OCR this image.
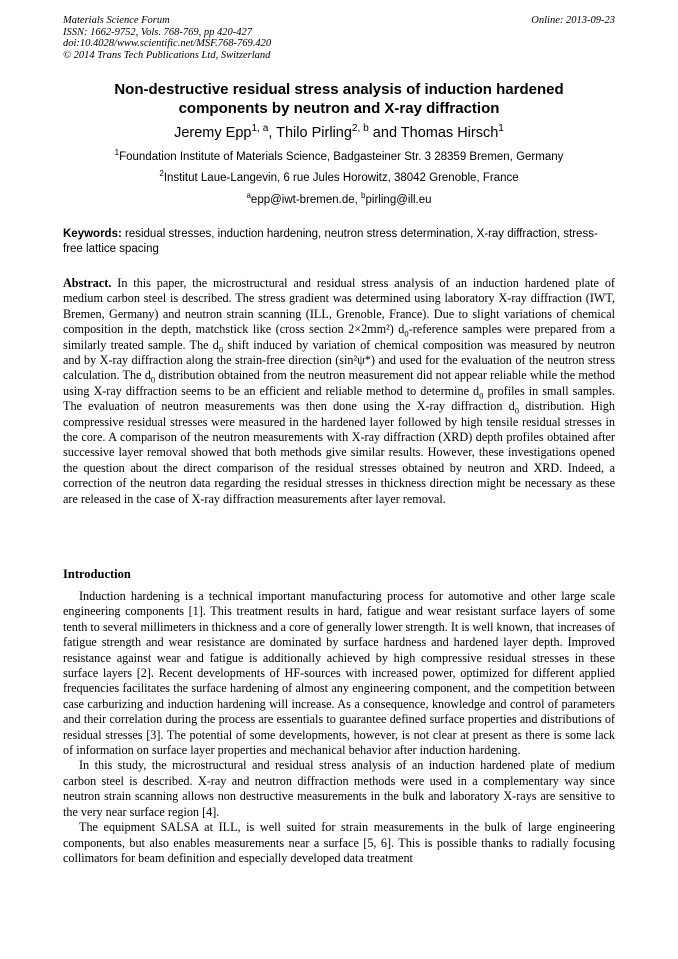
Materials Science Forum
ISSN: 1662-9752, Vols. 768-769, pp 420-427
doi:10.4028/www.scientific.net/MSF.768-769.420
© 2014 Trans Tech Publications Ltd, Switzerland
Online: 2013-09-23
Non-destructive residual stress analysis of induction hardened
components by neutron and X-ray diffraction
Jeremy Epp$^{1, a}$, Thilo Pirling$^{2, b}$ and Thomas Hirsch$^1$
$^1$Foundation Institute of Materials Science, Badgasteiner Str. 3 28359 Bremen, Germany
$^2$Institut Laue-Langevin, 6 rue Jules Horowitz, 38042 Grenoble, France
$^a$epp@iwt-bremen.de, $^b$pirling@ill.eu
Keywords: residual stresses, induction hardening, neutron stress determination, X-ray diffraction, stress-free lattice spacing

Abstract. In this paper, the microstructural and residual stress analysis of an induction hardened plate of medium carbon steel is described. The stress gradient was determined using laboratory X-ray diffraction (IWT, Bremen, Germany) and neutron strain scanning (ILL, Grenoble, France). Due to slight variations of chemical composition in the depth, matchstick like (cross section 2×2mm²) $d_0$-reference samples were prepared from a similarly treated sample. The $d_0$ shift induced by variation of chemical composition was measured by neutron and by X-ray diffraction along the strain-free direction (sin²ψ*) and used for the evaluation of the neutron stress calculation. The $d_0$ distribution obtained from the neutron measurement did not appear reliable while the method using X-ray diffraction seems to be an efficient and reliable method to determine $d_0$ profiles in small samples. The evaluation of neutron measurements was then done using the X-ray diffraction $d_0$ distribution. High compressive residual stresses were measured in the hardened layer followed by high tensile residual stresses in the core. A comparison of the neutron measurements with X-ray diffraction (XRD) depth profiles obtained after successive layer removal showed that both methods give similar results. However, these investigations opened the question about the direct comparison of the residual stresses obtained by neutron and XRD. Indeed, a correction of the neutron data regarding the residual stresses in thickness direction might be necessary as these are released in the case of X-ray diffraction measurements after layer removal.

Introduction

Induction hardening is a technical important manufacturing process for automotive and other large scale engineering components [1]. This treatment results in hard, fatigue and wear resistant surface layers of some tenth to several millimeters in thickness and a core of generally lower strength. It is well known, that increases of fatigue strength and wear resistance are dominated by surface hardness and hardened layer depth. Improved resistance against wear and fatigue is additionally achieved by high compressive residual stresses in these surface layers [2]. Recent developments of HF-sources with increased power, optimized for different applied frequencies facilitates the surface hardening of almost any engineering component, and the competition between case carburizing and induction hardening will increase. As a consequence, knowledge and control of parameters and their correlation during the process are essentials to guarantee defined surface properties and distributions of residual stresses [3]. The potential of some developments, however, is not clear at present as there is some lack of information on surface layer properties and mechanical behavior after induction hardening.

In this study, the microstructural and residual stress analysis of an induction hardened plate of medium carbon steel is described. X-ray and neutron diffraction methods were used in a complementary way since neutron strain scanning allows non destructive measurements in the bulk and laboratory X-rays are sensitive to the very near surface region [4].

The equipment SALSA at ILL, is well suited for strain measurements in the bulk of large engineering components, but also enables measurements near a surface [5, 6]. This is possible thanks to radially focusing collimators for beam definition and especially developed data treatment
